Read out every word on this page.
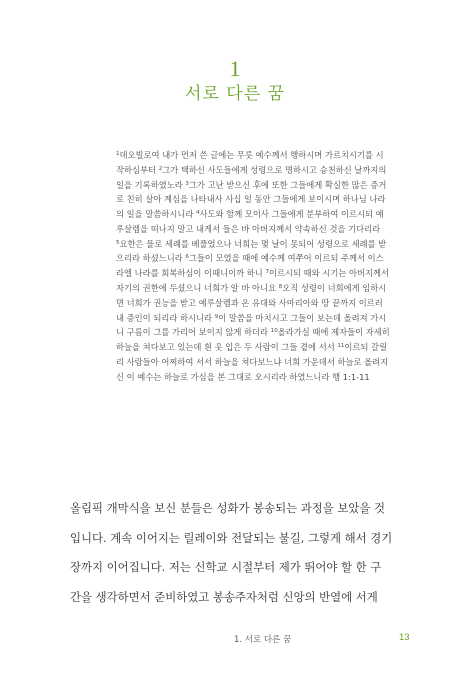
1
서로 다른 꿈
$^1$데오빌로여 내가 먼저 쓴 글에는 무릇 예수께서 행하시며 가르치시기를 시
작하심부터 $^2$그가 택하신 사도들에게 성령으로 명하시고 승천하신 날까지의
일을 기록하였노라 $^3$그가 고난 받으신 후에 또한 그들에게 확실한 많은 증거
로 친히 살아 계심을 나타내사 사십 일 동안 그들에게 보이시며 하나님 나라
의 일을 말씀하시니라 $^4$사도와 함께 모이사 그들에게 분부하여 이르시되 예
루살렘을 떠나지 말고 내게서 들은 바 아버지께서 약속하신 것을 기다리라
$^5$요한은 물로 세례를 베풀었으나 너희는 몇 날이 못되어 성령으로 세례를 받
으리라 하셨느니라 $^6$그들이 모였을 때에 예수께 여쭈어 이르되 주께서 이스
라엘 나라를 회복하심이 이때니이까 하니 $^7$이르시되 때와 시기는 아버지께서
자기의 권한에 두셨으니 너희가 알 바 아니요 $^8$오직 성령이 너희에게 임하시
면 너희가 권능을 받고 예루살렘과 온 유대와 사마리아와 땅 끝까지 이르러
내 증인이 되리라 하시니라 $^9$이 말씀을 마치시고 그들이 보는데 올려져 가시
니 구름이 그를 가리어 보이지 않게 하더라 $^{10}$올라가실 때에 제자들이 자세히
하늘을 쳐다보고 있는데 흰 옷 입은 두 사람이 그들 곁에 서서 $^{11}$이르되 갈릴
리 사람들아 어찌하여 서서 하늘을 쳐다보느냐 너희 가운데서 하늘로 올려지
신 이 예수는 하늘로 가심을 본 그대로 오시리라 하였느니라 행 1:1-11
올림픽 개막식을 보신 분들은 성화가 봉송되는 과정을 보았을 것
입니다. 계속 이어지는 릴레이와 전달되는 불길, 그렇게 해서 경기
장까지 이어집니다. 저는 신학교 시절부터 제가 뛰어야 할 한 구
간을 생각하면서 준비하였고 봉송주자처럼 신앙의 반열에 서게
1. 서로 다른 꿈	13
